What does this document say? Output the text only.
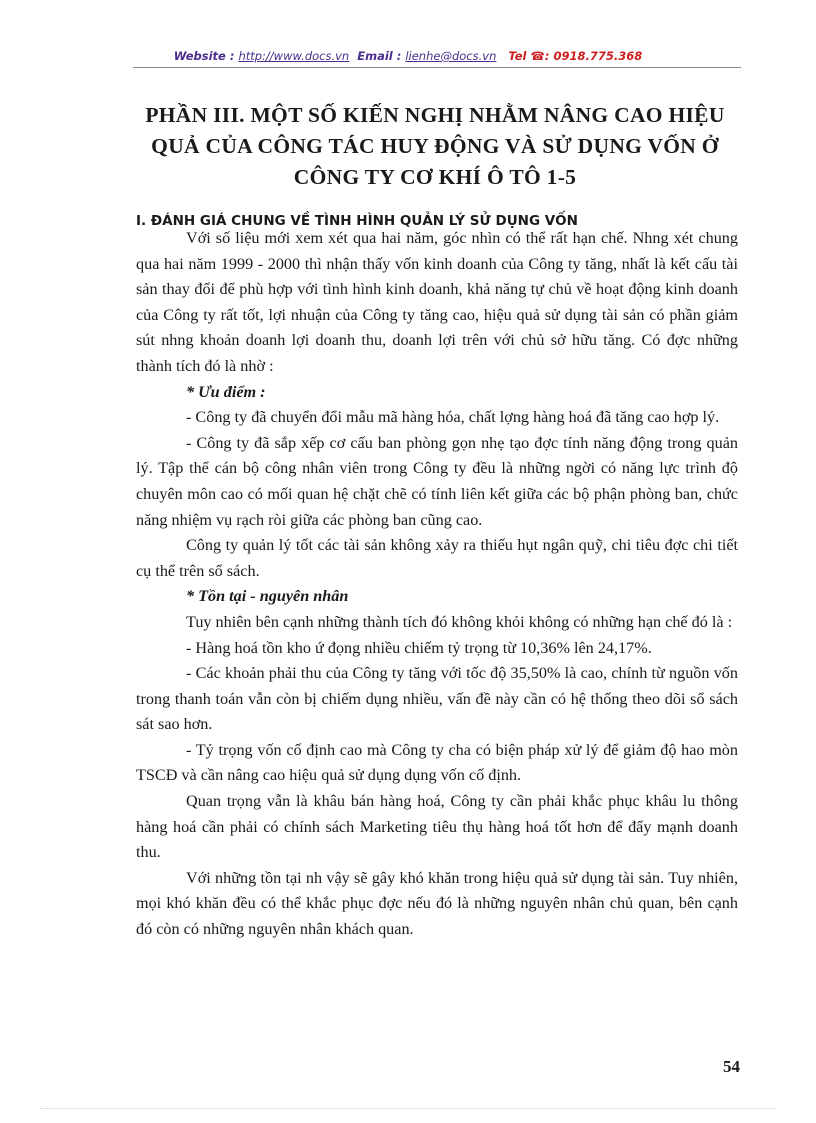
Website : http://www.docs.vn Email : lienhe@docs.vn Tel ☎: 0918.775.368
PHẦN III. MỘT SỐ KIẾN NGHỊ NHẰM NÂNG CAO HIỆU
QUẢ CỦA CÔNG TÁC HUY ĐỘNG VÀ SỬ DỤNG VỐN Ở
CÔNG TY CƠ KHÍ Ô TÔ 1-5
I. ĐÁNH GIÁ CHUNG VỀ TÌNH HÌNH QUẢN LÝ SỬ DỤNG VỐN

Với số liệu mới xem xét qua hai năm, góc nhìn có thể rất hạn chế. Nhng xét chung qua hai năm 1999 - 2000 thì nhận thấy vốn kinh doanh của Công ty tăng, nhất là kết cấu tài sản thay đổi để phù hợp với tình hình kinh doanh, khả năng tự chủ về hoạt động kinh doanh của Công ty rất tốt, lợi nhuận của Công ty tăng cao, hiệu quả sử dụng tài sản có phần giảm sút nhng khoản doanh lợi doanh thu, doanh lợi trên với chủ sở hữu tăng. Có đợc những thành tích đó là nhờ :

* Ưu điểm :

- Công ty đã chuyển đổi mẫu mã hàng hóa, chất lợng hàng hoá đã tăng cao hợp lý.

- Công ty đã sắp xếp cơ cấu ban phòng gọn nhẹ tạo đợc tính năng động trong quản lý. Tập thể cán bộ công nhân viên trong Công ty đều là những ngời có năng lực trình độ chuyên môn cao có mối quan hệ chặt chẽ có tính liên kết giữa các bộ phận phòng ban, chức năng nhiệm vụ rạch ròi giữa các phòng ban cũng cao.

Công ty quản lý tốt các tài sản không xảy ra thiếu hụt ngân quỹ, chi tiêu đợc chi tiết cụ thể trên sổ sách.

* Tồn tại - nguyên nhân

Tuy nhiên bên cạnh những thành tích đó không khỏi không có những hạn chế đó là :

- Hàng hoá tồn kho ứ đọng nhiều chiếm tỷ trọng từ 10,36% lên 24,17%.

- Các khoản phải thu của Công ty tăng với tốc độ 35,50% là cao, chính từ nguồn vốn trong thanh toán vẫn còn bị chiếm dụng nhiều, vấn đề này cần có hệ thống theo dõi sổ sách sát sao hơn.

- Tỷ trọng vốn cố định cao mà Công ty cha có biện pháp xử lý để giảm độ hao mòn TSCĐ và cần nâng cao hiệu quả sử dụng dụng vốn cố định.

Quan trọng vẫn là khâu bán hàng hoá, Công ty cần phải khắc phục khâu lu thông hàng hoá cần phải có chính sách Marketing tiêu thụ hàng hoá tốt hơn để đẩy mạnh doanh thu.

Với những tồn tại nh vậy sẽ gây khó khăn trong hiệu quả sử dụng tài sản. Tuy nhiên, mọi khó khăn đều có thể khắc phục đợc nếu đó là những nguyên nhân chủ quan, bên cạnh đó còn có những nguyên nhân khách quan.

54
